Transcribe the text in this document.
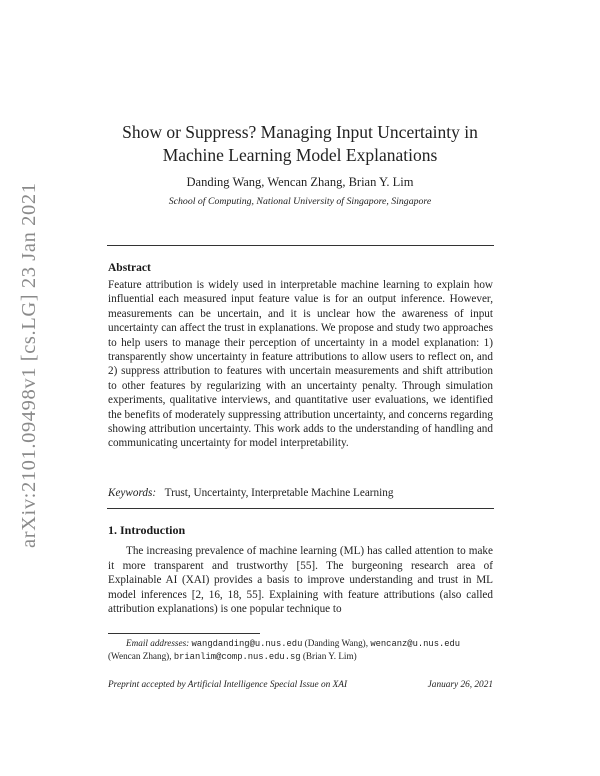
arXiv:2101.09498v1 [cs.LG] 23 Jan 2021
Show or Suppress? Managing Input Uncertainty in Machine Learning Model Explanations
Danding Wang, Wencan Zhang, Brian Y. Lim
School of Computing, National University of Singapore, Singapore
Abstract
Feature attribution is widely used in interpretable machine learning to explain how influential each measured input feature value is for an output inference. However, measurements can be uncertain, and it is unclear how the awareness of input uncertainty can affect the trust in explanations. We propose and study two approaches to help users to manage their perception of uncertainty in a model explanation: 1) transparently show uncertainty in feature attributions to allow users to reflect on, and 2) suppress attribution to features with uncertain measurements and shift attribution to other features by regularizing with an uncertainty penalty. Through simulation experiments, qualitative interviews, and quantitative user evaluations, we identified the benefits of moderately suppressing attribution uncertainty, and concerns regarding showing attribution uncertainty. This work adds to the understanding of handling and communicating uncertainty for model interpretability.
Keywords: Trust, Uncertainty, Interpretable Machine Learning
1. Introduction
The increasing prevalence of machine learning (ML) has called attention to make it more transparent and trustworthy [55]. The burgeoning research area of Explainable AI (XAI) provides a basis to improve understanding and trust in ML model inferences [2, 16, 18, 55]. Explaining with feature attributions (also called attribution explanations) is one popular technique to
Email addresses: wangdanding@u.nus.edu (Danding Wang), wencanz@u.nus.edu (Wencan Zhang), brianlim@comp.nus.edu.sg (Brian Y. Lim)
Preprint accepted by Artificial Intelligence Special Issue on XAI	January 26, 2021
